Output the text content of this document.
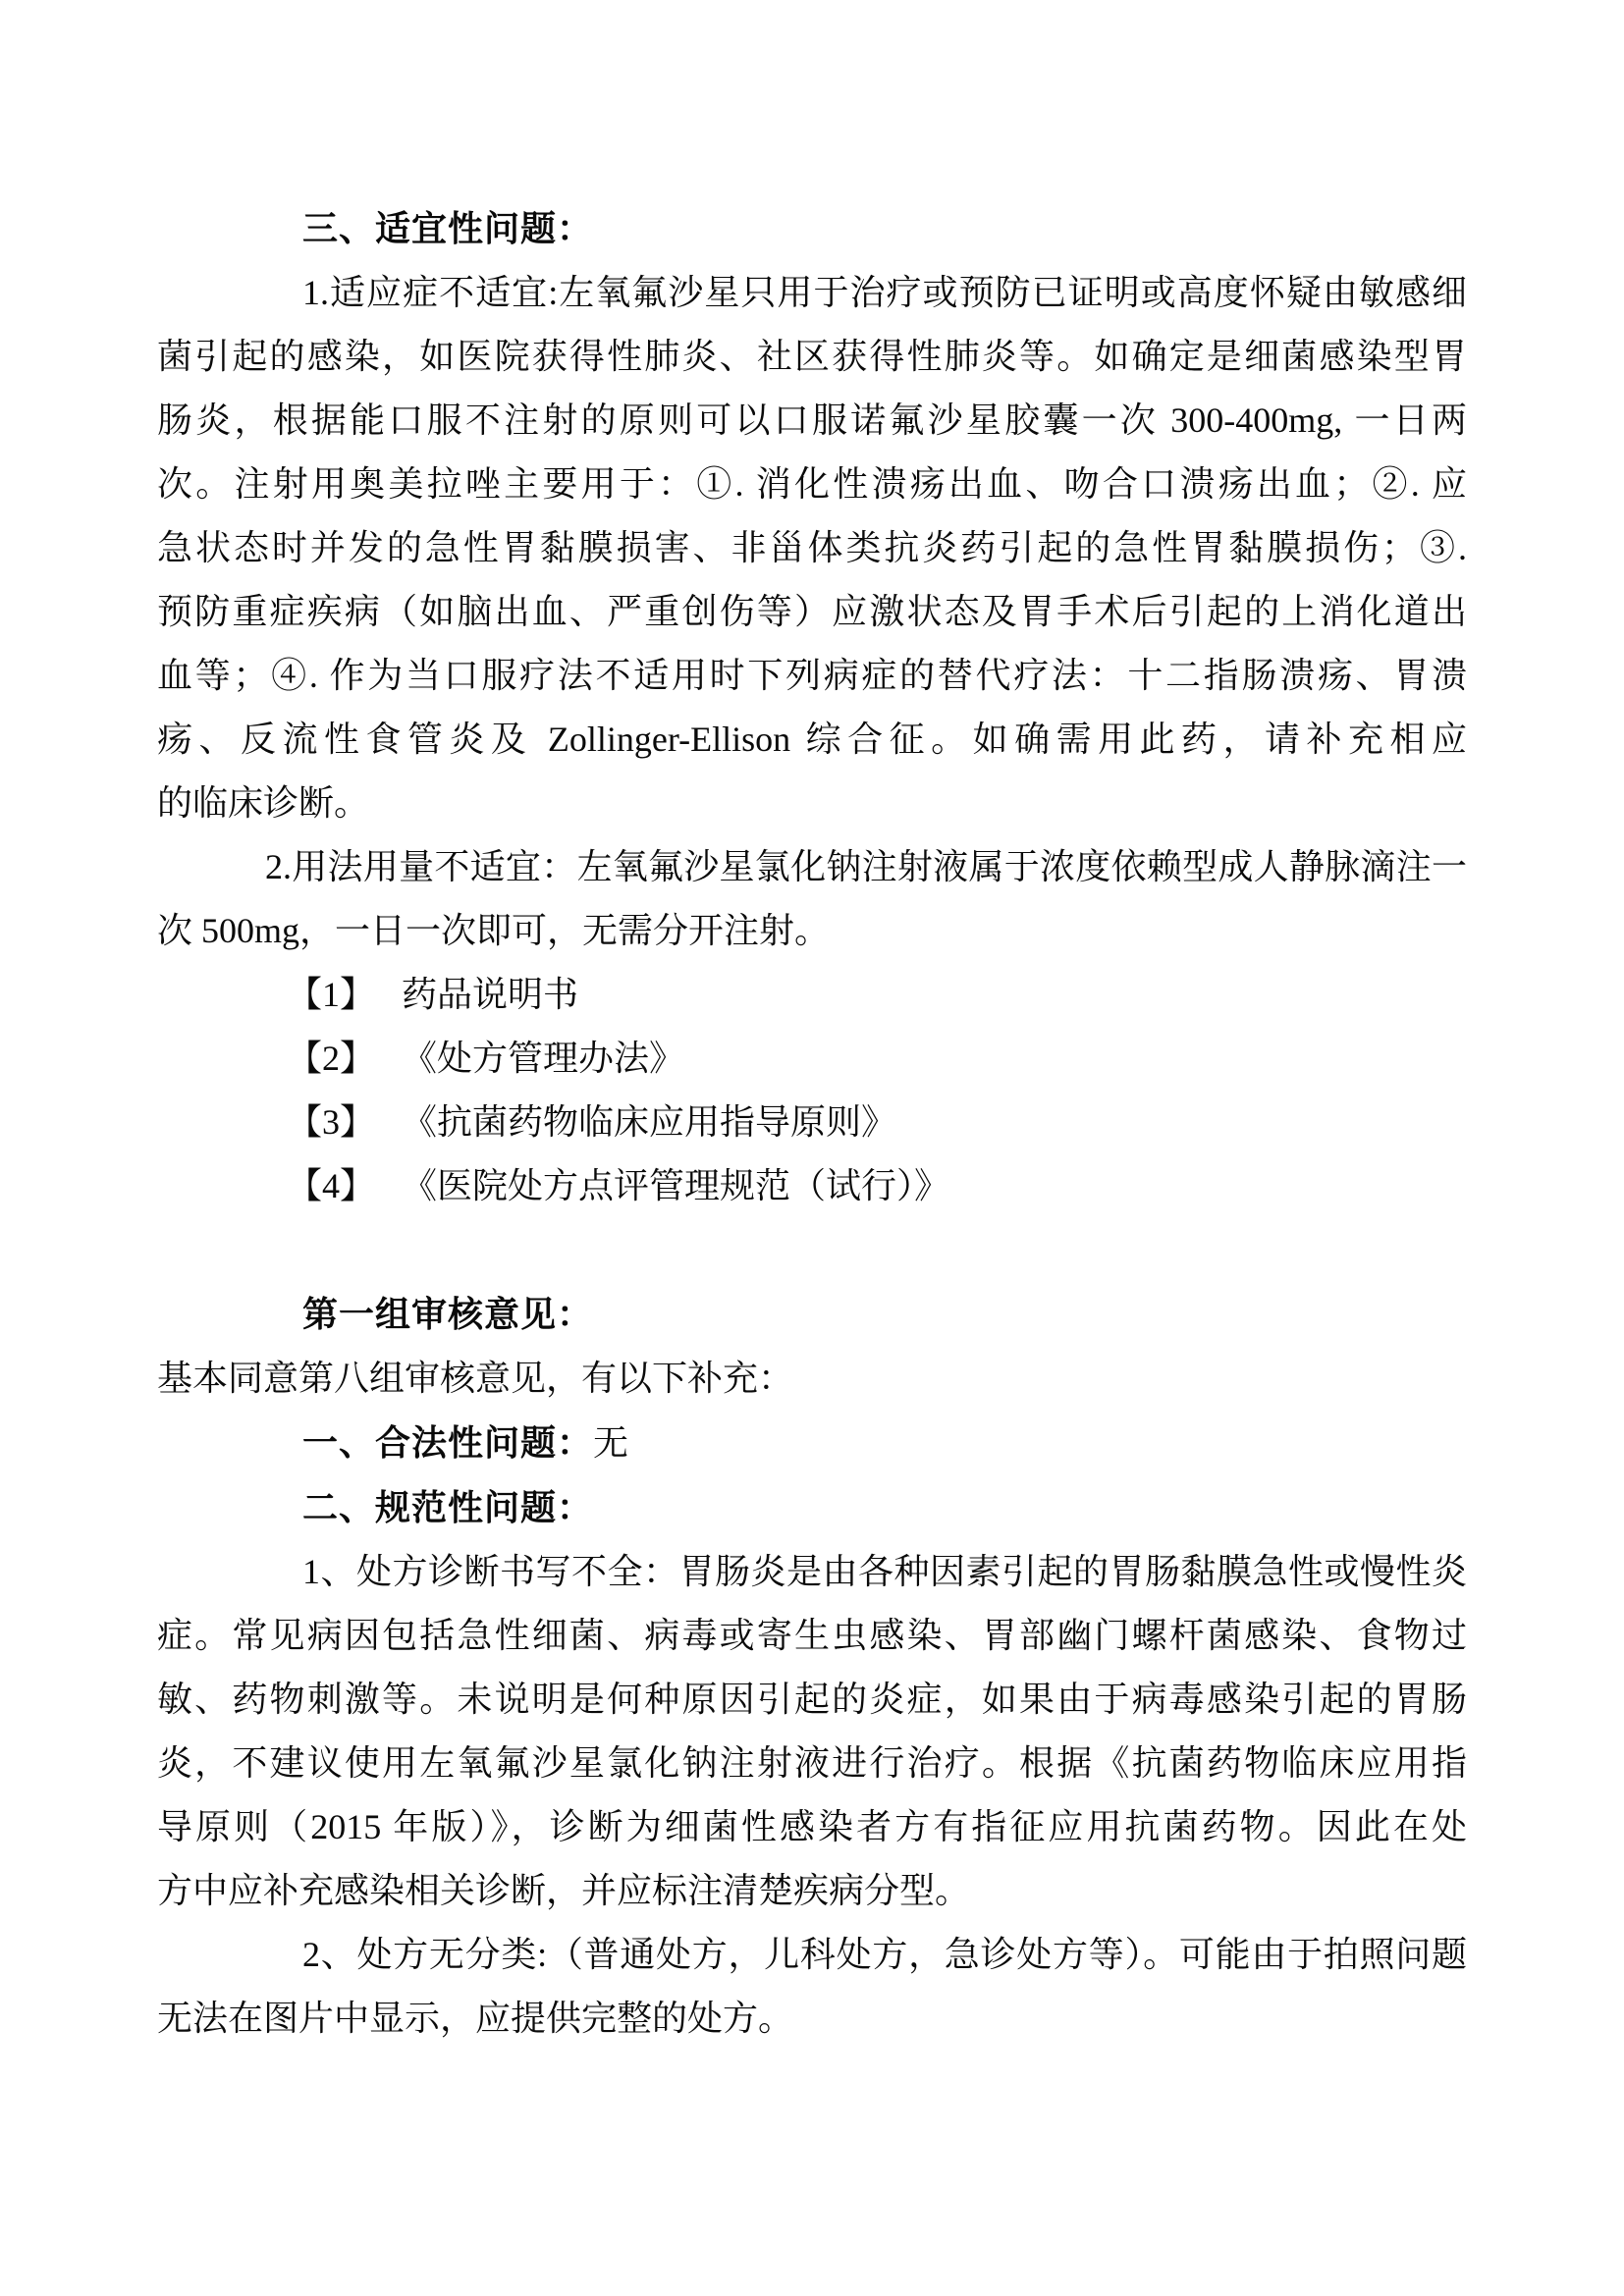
三、适宜性问题：
1.适应症不适宜:左氧氟沙星只用于治疗或预防已证明或高度怀疑由敏感细
菌引起的感染，如医院获得性肺炎、社区获得性肺炎等。如确定是细菌感染型胃
肠炎，根据能口服不注射的原则可以口服诺氟沙星胶囊一次 300-400mg, 一日两
次。注射用奥美拉唑主要用于：①. 消化性溃疡出血、吻合口溃疡出血；②. 应
急状态时并发的急性胃黏膜损害、非甾体类抗炎药引起的急性胃黏膜损伤；③.
预防重症疾病（如脑出血、严重创伤等）应激状态及胃手术后引起的上消化道出
血等；④. 作为当口服疗法不适用时下列病症的替代疗法：十二指肠溃疡、胃溃
疡、反流性食管炎及 Zollinger-Ellison 综合征。如确需用此药，请补充相应
的临床诊断。
2.用法用量不适宜：左氧氟沙星氯化钠注射液属于浓度依赖型成人静脉滴注一
次 500mg，一日一次即可，无需分开注射。
【1】　 药品说明书
【2】　 《处方管理办法》
【3】　 《抗菌药物临床应用指导原则》
【4】　 《医院处方点评管理规范（试行）》
第一组审核意见：
基本同意第八组审核意见，有以下补充：
一、合法性问题：无
二、规范性问题：
1、处方诊断书写不全：胃肠炎是由各种因素引起的胃肠黏膜急性或慢性炎
症。常见病因包括急性细菌、病毒或寄生虫感染、胃部幽门螺杆菌感染、食物过
敏、药物刺激等。未说明是何种原因引起的炎症，如果由于病毒感染引起的胃肠
炎，不建议使用左氧氟沙星氯化钠注射液进行治疗。根据《抗菌药物临床应用指
导原则（2015 年版）》，诊断为细菌性感染者方有指征应用抗菌药物。因此在处
方中应补充感染相关诊断，并应标注清楚疾病分型。
2、处方无分类:（普通处方，儿科处方，急诊处方等）。可能由于拍照问题
无法在图片中显示，应提供完整的处方。
